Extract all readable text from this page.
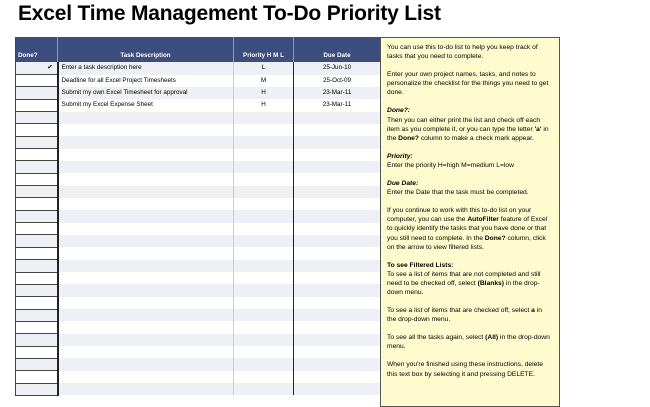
Excel Time Management To-Do Priority List

Done?	Task Description	Priority H M L	Due Date
✔	Enter a task description here	L	25-Jun-10
	Deadline for all Excel Project Timesheets	M	25-Oct-09
	Submit my own Excel Timesheet for approval	H	23-Mar-11
	Submit my Excel Expense Sheet	H	23-Mar-11

You can use this to-do list to help you keep track of tasks that you need to complete.

Enter your own project names, tasks, and notes to personalize the checklist for the things you need to get done.

Done?:

Then you can either print the list and check off each item as you complete it, or you can type the letter 'a' in the Done? column to make a check mark appear.

Priority:

Enter the priority H=high M=medium L=low

Due Date:

Enter the Date that the task must be completed.

If you continue to work with this to-do list on your computer, you can use the AutoFilter feature of Excel to quickly identify the tasks that you have done or that you still need to complete. In the Done? column, click on the arrow to view filtered lists.

To see Filtered Lists:

To see a list of items that are not completed and still need to be checked off, select (Blanks) in the drop-down menu.

To see a list of items that are checked off, select a in the drop-down menu.

To see all the tasks again, select (All) in the drop-down menu.

When you're finished using these instructions, delete this text box by selecting it and pressing DELETE.
